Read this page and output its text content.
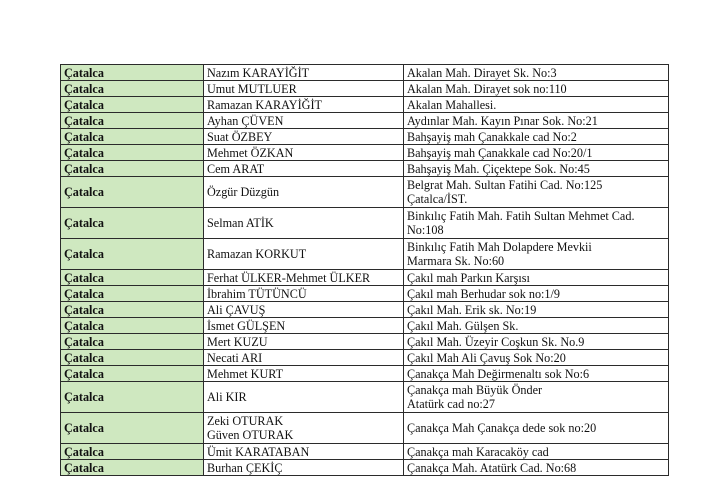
Çatalca	Nazım KARAYİĞİT	Akalan Mah. Dirayet Sk. No:3

Çatalca	Umut MUTLUER	Akalan Mah. Dirayet sok no:110

Çatalca	Ramazan KARAYİĞİT	Akalan Mahallesi.

Çatalca	Ayhan ÇÜVEN	Aydınlar Mah. Kayın Pınar Sok. No:21

Çatalca	Suat ÖZBEY	Bahşayiş mah Çanakkale cad No:2

Çatalca	Mehmet ÖZKAN	Bahşayiş mah Çanakkale cad No:20/1

Çatalca	Cem ARAT	Bahşayiş Mah. Çiçektepe Sok. No:45

Çatalca	Özgür Düzgün	Belgrat Mah. Sultan Fatihi Cad. No:125
Çatalca/İST.

Çatalca	Selman ATİK	Binkılıç Fatih Mah. Fatih Sultan Mehmet Cad.
No:108

Çatalca	Ramazan KORKUT	Binkılıç Fatih Mah Dolapdere Mevkii
Marmara Sk. No:60

Çatalca	Ferhat ÜLKER-Mehmet ÜLKER	Çakıl mah Parkın Karşısı

Çatalca	İbrahim TÜTÜNCÜ	Çakıl mah Berhudar sok no:1/9

Çatalca	Ali ÇAVUŞ	Çakıl Mah. Erik sk. No:19

Çatalca	İsmet GÜLŞEN	Çakıl Mah. Gülşen Sk.

Çatalca	Mert KUZU	Çakıl Mah. Üzeyir Coşkun Sk. No.9

Çatalca	Necati ARI	Çakıl Mah Ali Çavuş Sok No:20

Çatalca	Mehmet KURT	Çanakça Mah Değirmenaltı sok No:6

Çatalca	Ali KIR	Çanakça mah Büyük Önder
Atatürk cad no:27

Çatalca	Zeki OTURAK
Güven OTURAK	Çanakça Mah Çanakça dede sok no:20

Çatalca	Ümit KARATABAN	Çanakça mah Karacaköy cad

Çatalca	Burhan ÇEKİÇ	Çanakça Mah. Atatürk Cad. No:68
